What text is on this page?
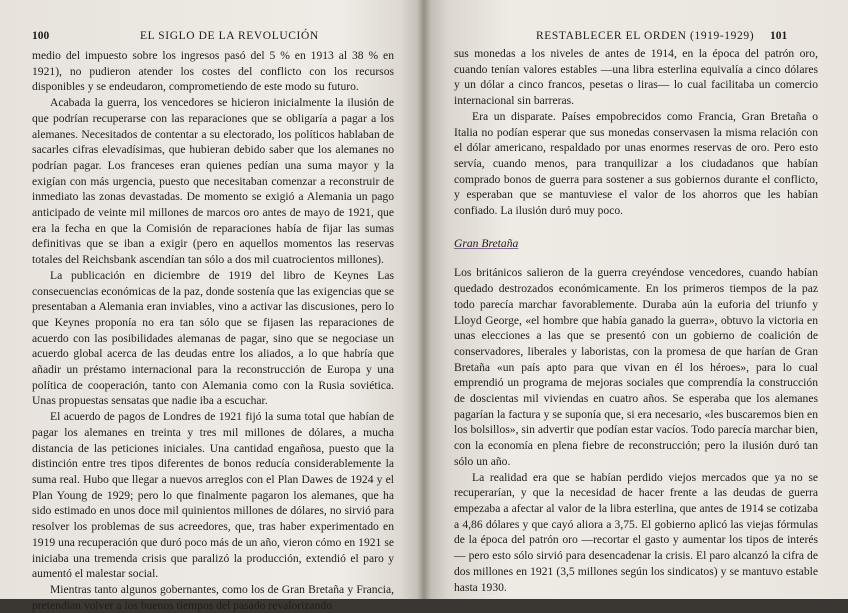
100	EL SIGLO DE LA REVOLUCIÓN

medio del impuesto sobre los ingresos pasó del 5 % en 1913 al 38 % en 1921), no pudieron atender los costes del conflicto con los recursos disponibles y se endeudaron, comprometiendo de este modo su futuro.

Acabada la guerra, los vencedores se hicieron inicialmente la ilusión de que podrían recuperarse con las reparaciones que se obligaría a pagar a los alemanes. Necesitados de contentar a su electorado, los políticos hablaban de sacarles cifras elevadísimas, que hubieran debido saber que los alemanes no podrían pagar. Los franceses eran quienes pedían una suma mayor y la exigían con más urgencia, puesto que necesitaban comenzar a reconstruir de inmediato las zonas devastadas. De momento se exigió a Alemania un pago anticipado de veinte mil millones de marcos oro antes de mayo de 1921, que era la fecha en que la Comisión de reparaciones había de fijar las sumas definitivas que se iban a exigir (pero en aquellos momentos las reservas totales del Reichsbank ascendían tan sólo a dos mil cuatrocientos millones).

La publicación en diciembre de 1919 del libro de Keynes Las consecuencias económicas de la paz, donde sostenía que las exigencias que se presentaban a Alemania eran inviables, vino a activar las discusiones, pero lo que Keynes proponía no era tan sólo que se fijasen las reparaciones de acuerdo con las posibilidades alemanas de pagar, sino que se negociase un acuerdo global acerca de las deudas entre los aliados, a lo que habría que añadir un préstamo internacional para la reconstrucción de Europa y una política de cooperación, tanto con Alemania como con la Rusia soviética. Unas propuestas sensatas que nadie iba a escuchar.

El acuerdo de pagos de Londres de 1921 fijó la suma total que habían de pagar los alemanes en treinta y tres mil millones de dólares, a mucha distancia de las peticiones iniciales. Una cantidad engañosa, puesto que la distinción entre tres tipos diferentes de bonos reducía considerablemente la suma real. Hubo que llegar a nuevos arreglos con el Plan Dawes de 1924 y el Plan Young de 1929; pero lo que finalmente pagaron los alemanes, que ha sido estimado en unos doce mil quinientos millones de dólares, no sirvió para resolver los problemas de sus acreedores, que, tras haber experimentado en 1919 una recuperación que duró poco más de un año, vieron cómo en 1921 se iniciaba una tremenda crisis que paralizó la producción, extendió el paro y aumentó el malestar social.

Mientras tanto algunos gobernantes, como los de Gran Bretaña y Francia, pretendían volver a los buenos tiempos del pasado revalorizando

RESTABLECER EL ORDEN (1919-1929) 101

sus monedas a los niveles de antes de 1914, en la época del patrón oro, cuando tenían valores estables —una libra esterlina equivalía a cinco dólares y un dólar a cinco francos, pesetas o liras— lo cual facilitaba un comercio internacional sin barreras.

Era un disparate. Países empobrecidos como Francia, Gran Bretaña o Italia no podían esperar que sus monedas conservasen la misma relación con el dólar americano, respaldado por unas enormes reservas de oro. Pero esto servía, cuando menos, para tranquilizar a los ciudadanos que habían comprado bonos de guerra para sostener a sus gobiernos durante el conflicto, y esperaban que se mantuviese el valor de los ahorros que les habían confiado. La ilusión duró muy poco.

Gran Bretaña

Los británicos salieron de la guerra creyéndose vencedores, cuando habían quedado destrozados económicamente. En los primeros tiempos de la paz todo parecía marchar favorablemente. Duraba aún la euforia del triunfo y Lloyd George, «el hombre que había ganado la guerra», obtuvo la victoria en unas elecciones a las que se presentó con un gobierno de coalición de conservadores, liberales y laboristas, con la promesa de que harían de Gran Bretaña «un país apto para que vivan en él los héroes», para lo cual emprendió un programa de mejoras sociales que comprendía la construcción de doscientas mil viviendas en cuatro años. Se esperaba que los alemanes pagarían la factura y se suponía que, si era necesario, «les buscaremos bien en los bolsillos», sin advertir que podían estar vacíos. Todo parecía marchar bien, con la economía en plena fiebre de reconstrucción; pero la ilusión duró tan sólo un año.

La realidad era que se habían perdido viejos mercados que ya no se recuperarían, y que la necesidad de hacer frente a las deudas de guerra empezaba a afectar al valor de la libra esterlina, que antes de 1914 se cotizaba a 4,86 dólares y que cayó aliora a 3,75. El gobierno aplicó las viejas fórmulas de la época del patrón oro —recortar el gasto y aumentar los tipos de interés— pero esto sólo sirvió para desencadenar la crisis. El paro alcanzó la cifra de dos millones en 1921 (3,5 millones según los sindicatos) y se mantuvo estable hasta 1930.
